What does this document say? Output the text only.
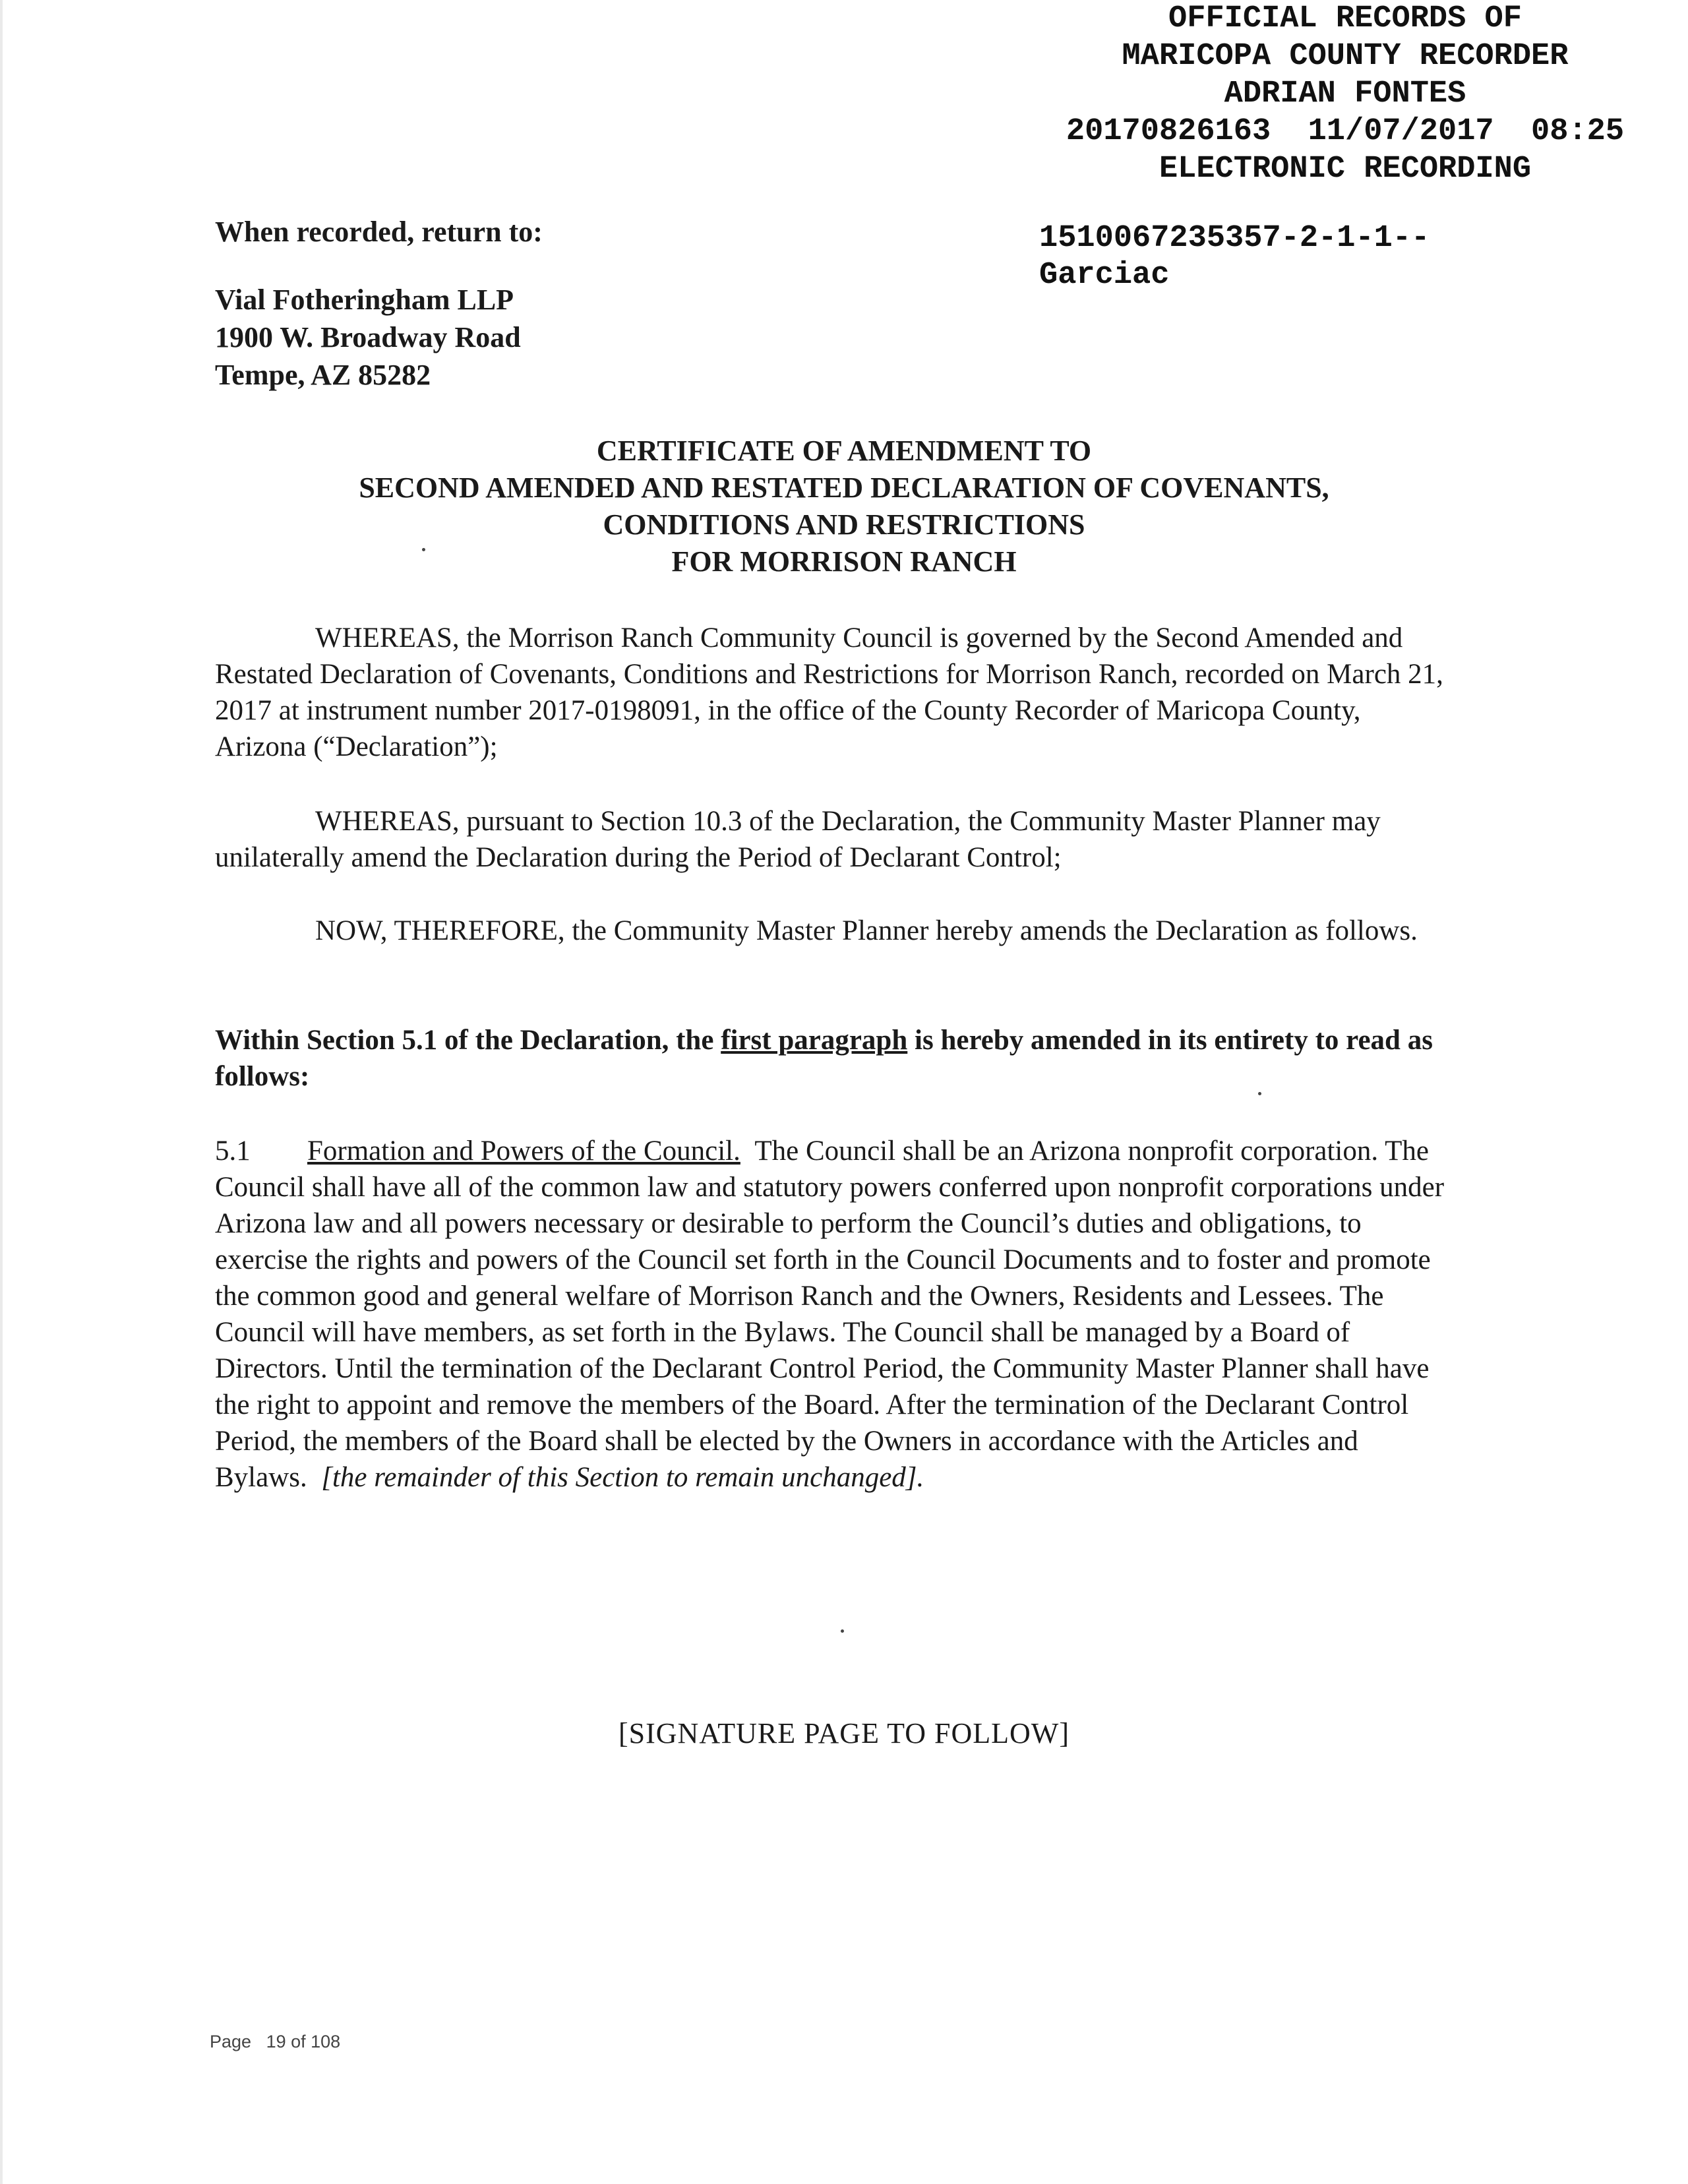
OFFICIAL RECORDS OF
MARICOPA COUNTY RECORDER
ADRIAN FONTES
20170826163  11/07/2017  08:25
ELECTRONIC RECORDING
1510067235357-2-1-1--
Garciac
When recorded, return to:
Vial Fotheringham LLP
1900 W. Broadway Road
Tempe, AZ 85282
CERTIFICATE OF AMENDMENT TO
SECOND AMENDED AND RESTATED DECLARATION OF COVENANTS,
CONDITIONS AND RESTRICTIONS
FOR MORRISON RANCH
WHEREAS, the Morrison Ranch Community Council is governed by the Second Amended and Restated Declaration of Covenants, Conditions and Restrictions for Morrison Ranch, recorded on March 21, 2017 at instrument number 2017-0198091, in the office of the County Recorder of Maricopa County, Arizona (“Declaration”);
WHEREAS, pursuant to Section 10.3 of the Declaration, the Community Master Planner may unilaterally amend the Declaration during the Period of Declarant Control;
NOW, THEREFORE, the Community Master Planner hereby amends the Declaration as follows.
Within Section 5.1 of the Declaration, the first paragraph is hereby amended in its entirety to read as follows:
5.1 Formation and Powers of the Council. The Council shall be an Arizona nonprofit corporation. The Council shall have all of the common law and statutory powers conferred upon nonprofit corporations under Arizona law and all powers necessary or desirable to perform the Council’s duties and obligations, to exercise the rights and powers of the Council set forth in the Council Documents and to foster and promote the common good and general welfare of Morrison Ranch and the Owners, Residents and Lessees. The Council will have members, as set forth in the Bylaws. The Council shall be managed by a Board of Directors. Until the termination of the Declarant Control Period, the Community Master Planner shall have the right to appoint and remove the members of the Board. After the termination of the Declarant Control Period, the members of the Board shall be elected by the Owners in accordance with the Articles and Bylaws. [the remainder of this Section to remain unchanged].
[SIGNATURE PAGE TO FOLLOW]
Page 19 of 108
